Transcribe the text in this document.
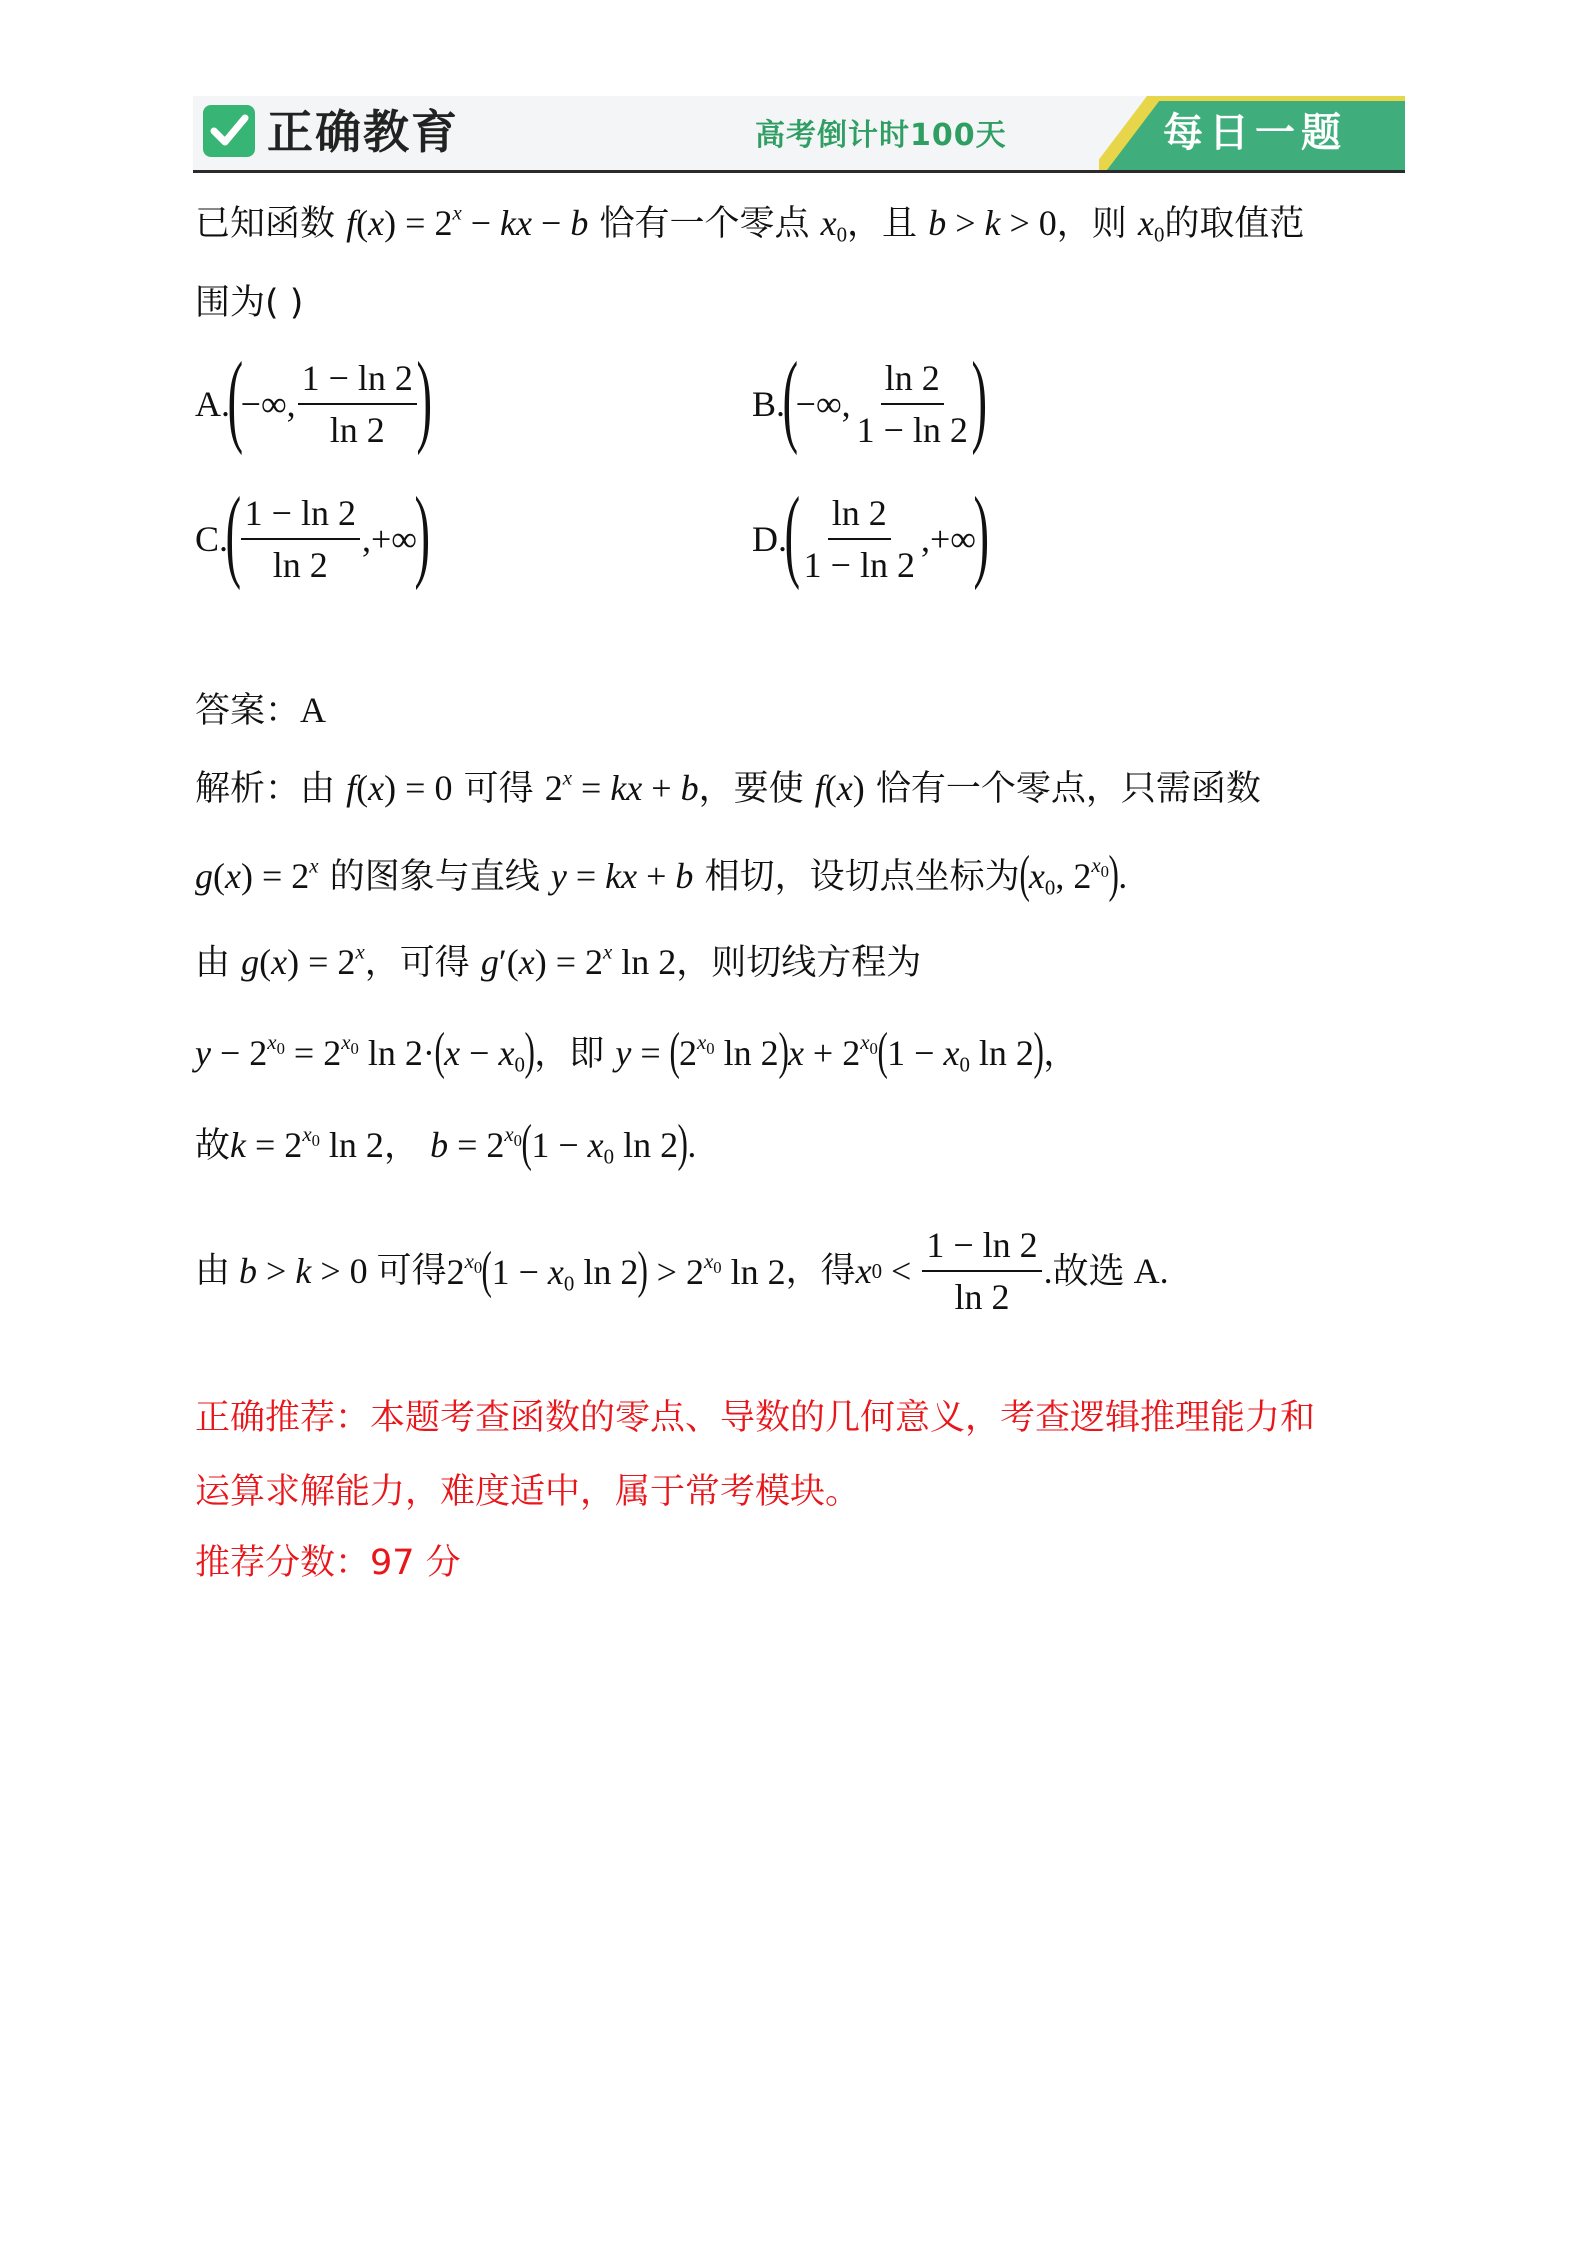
正确教育	高考倒计时100天	每日一题
已知函数 $f(x) = 2^x$ − kx − b 恰有一个零点 $x_0$，且 b > k > 0，则 $x_0$的取值范
围为( )
A.
(
−∞, $\frac{1 - \ln 2}{\ln 2}$ )	B.
(
−∞, $\frac{\ln 2}{1 - \ln 2}$ )
C.
( $\frac{1 - \ln 2}{\ln 2}$ ,+∞
)	D.
( $\frac{\ln 2}{1 - \ln 2}$ ,+∞
)
答案：A
解析：由 f(x) = 0 可得 $2^x$ = kx + b，要使 f(x) 恰有一个零点，只需函数
$g(x) = 2^x$ 的图象与直线 y = kx + b 相切，设切点坐标为($x_0$, $2^{x_0}$).
由 $g(x) = 2^x$，可得 $g'(x) = 2^x$ ln 2，则切线方程为
$y - 2^{x_0} = 2^{x_0}$ $\ln 2\cdot(x - x_0)$，即 $y = (2^{x_0}$ $\ln 2)x + 2^{x_0}(1 - x_0$ ln 2)，
故$k = 2^{x_0}$ ln 2， $b = 2^{x_0}(1 - x_0$ ln 2).
由 b > k > 0 可得 $2^{x_0}(1 - x_0$ $\ln 2) > 2^{x_0}$ ln 2 ，得 x $0 < \frac{1 - \ln 2}{\ln 2}$ .故选 A.
正确推荐：本题考查函数的零点、导数的几何意义，考查逻辑推理能力和
运算求解能力，难度适中，属于常考模块。
推荐分数：97 分
